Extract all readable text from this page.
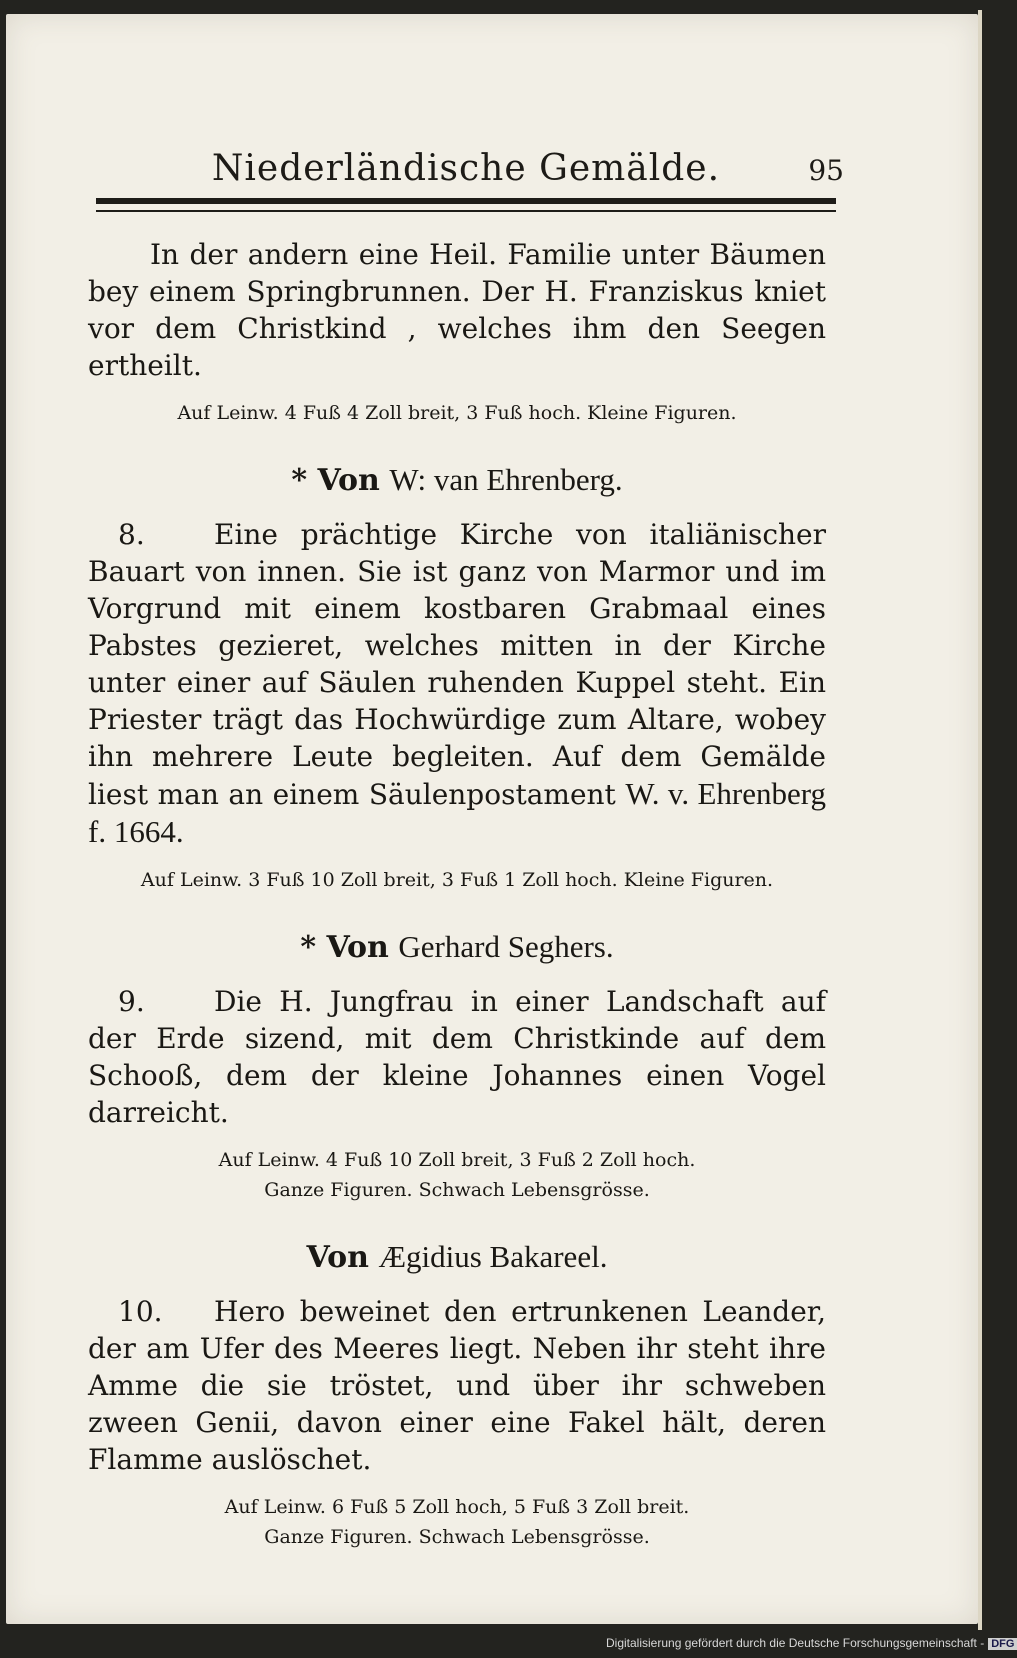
Niederländische Gemälde.	95

In der andern eine Heil. Familie unter Bäumen bey einem Springbrunnen. Der H. Franziskus kniet vor dem Christkind , welches ihm den Seegen ertheilt.

Auf Leinw. 4 Fuß 4 Zoll breit, 3 Fuß hoch. Kleine Figuren.

* Von W: van Ehrenberg.

8. Eine prächtige Kirche von italiänischer Bauart von innen. Sie ist ganz von Marmor und im Vorgrund mit einem kostbaren Grabmaal eines Pabstes gezieret, welches mitten in der Kirche unter einer auf Säulen ruhenden Kuppel steht. Ein Priester trägt das Hochwürdige zum Altare, wobey ihn mehrere Leute begleiten. Auf dem Gemälde liest man an einem Säulenpostament W. v. Ehrenberg f. 1664.

Auf Leinw. 3 Fuß 10 Zoll breit, 3 Fuß 1 Zoll hoch. Kleine Figuren.

* Von Gerhard Seghers.

9. Die H. Jungfrau in einer Landschaft auf der Erde sizend, mit dem Christkinde auf dem Schooß, dem der kleine Johannes einen Vogel darreicht.

Auf Leinw. 4 Fuß 10 Zoll breit, 3 Fuß 2 Zoll hoch.
Ganze Figuren. Schwach Lebensgrösse.

Von Ægidius Bakareel.

10. Hero beweinet den ertrunkenen Leander, der am Ufer des Meeres liegt. Neben ihr steht ihre Amme die sie tröstet, und über ihr schweben zween Genii, davon einer eine Fakel hält, deren Flamme auslöschet.

Auf Leinw. 6 Fuß 5 Zoll hoch, 5 Fuß 3 Zoll breit.
Ganze Figuren. Schwach Lebensgrösse.

Digitalisierung gefördert durch die Deutsche Forschungsgemeinschaft - DFG
